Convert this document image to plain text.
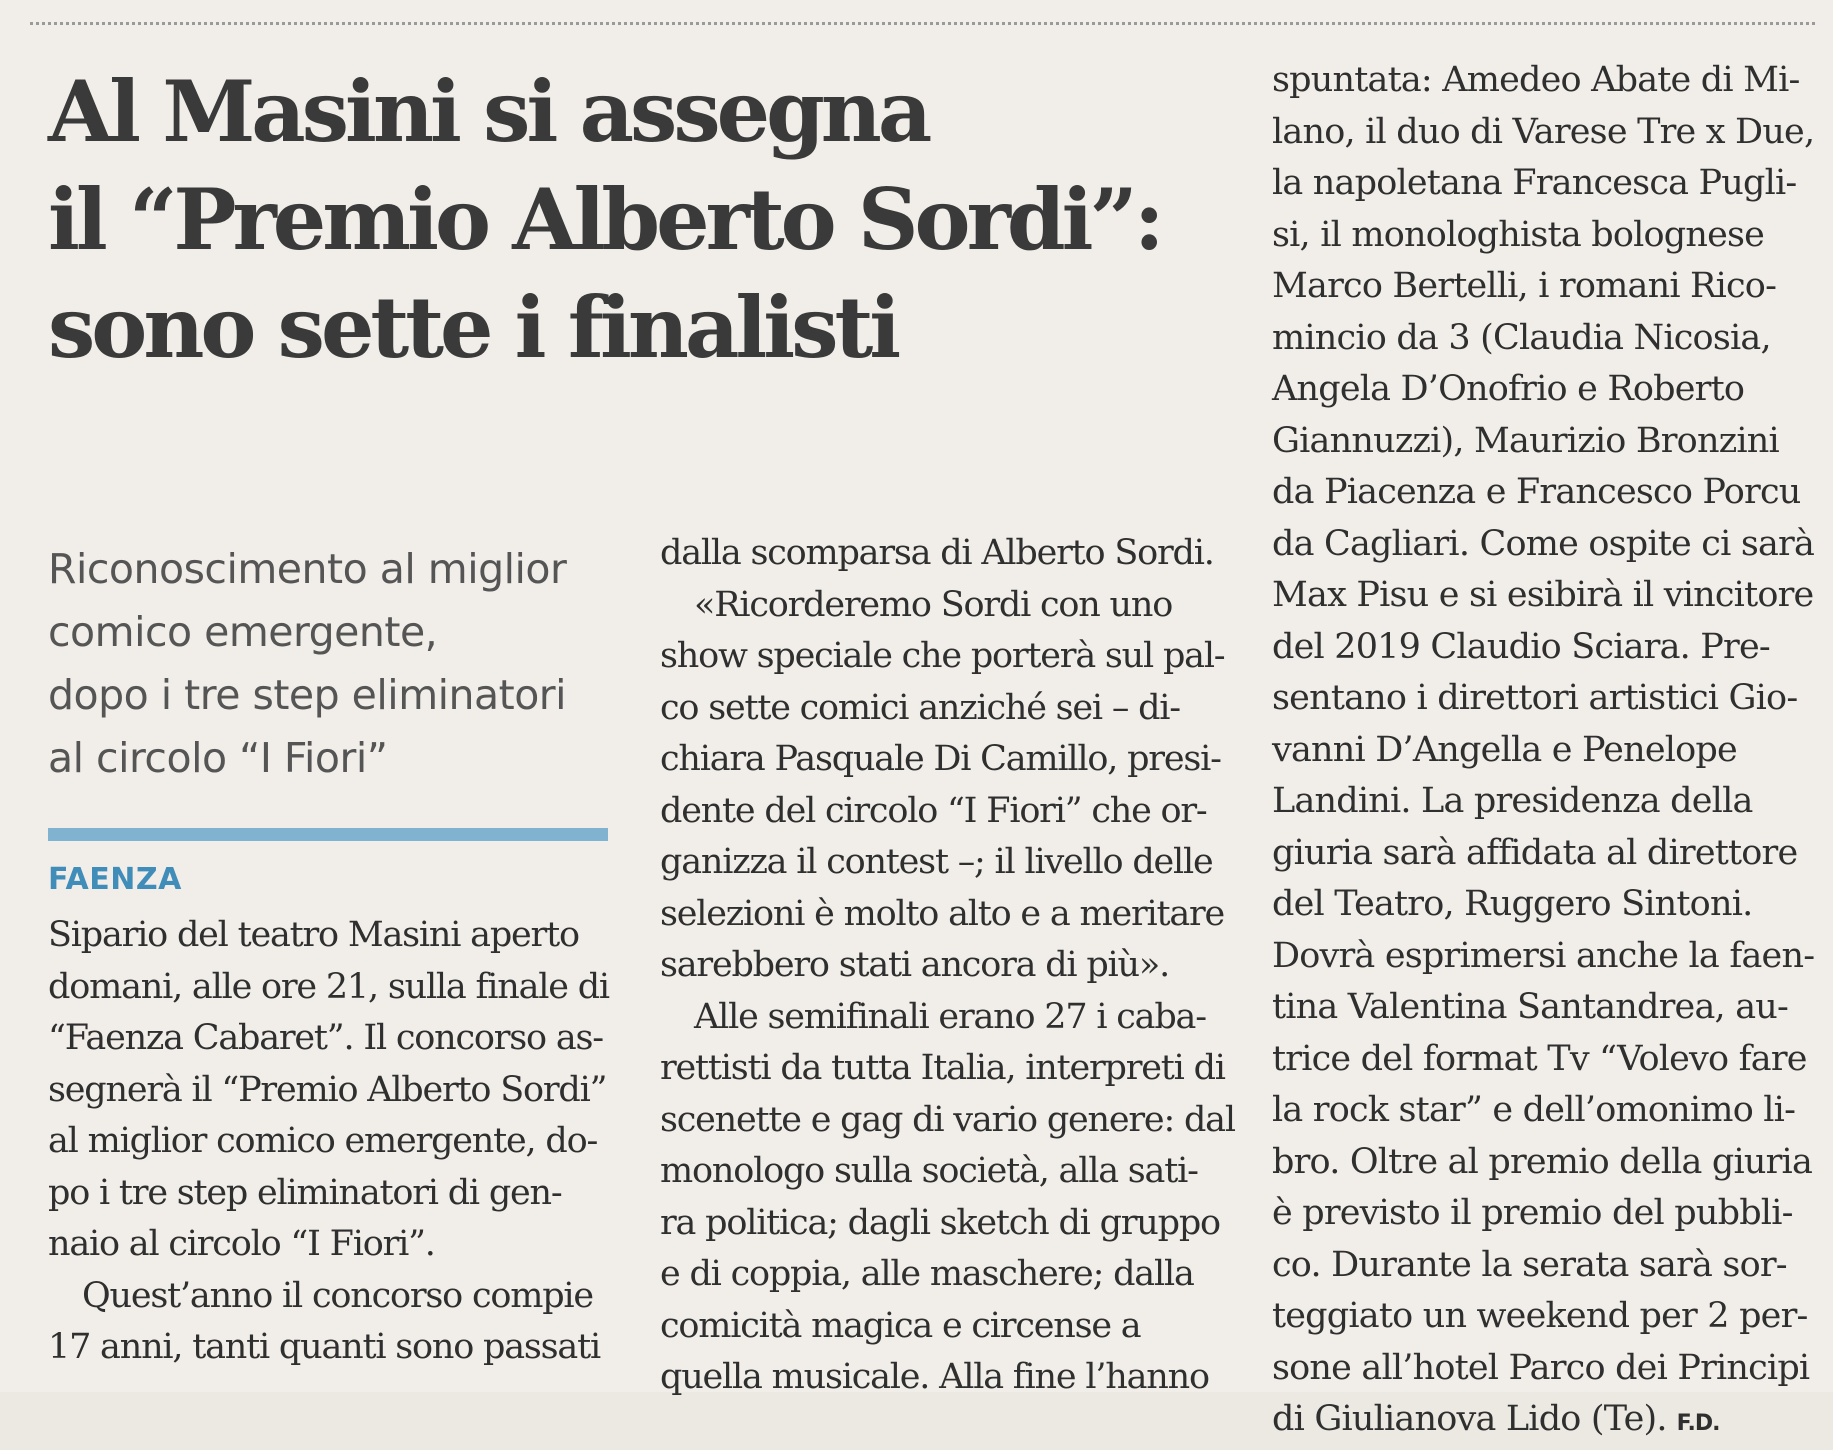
Al Masini si assegna
il “Premio Alberto Sordi”:
sono sette i finalisti
Riconoscimento al miglior
comico emergente,
dopo i tre step eliminatori
al circolo “I Fiori”
FAENZA
Sipario del teatro Masini aperto
domani, alle ore 21, sulla finale di
“Faenza Cabaret”. Il concorso as-
segnerà il “Premio Alberto Sordi”
al miglior comico emergente, do-
po i tre step eliminatori di gen-
naio al circolo “I Fiori”.
Quest’anno il concorso compie
17 anni, tanti quanti sono passati
dalla scomparsa di Alberto Sordi.
«Ricorderemo Sordi con uno
show speciale che porterà sul pal-
co sette comici anziché sei – di-
chiara Pasquale Di Camillo, presi-
dente del circolo “I Fiori” che or-
ganizza il contest –; il livello delle
selezioni è molto alto e a meritare
sarebbero stati ancora di più».
Alle semifinali erano 27 i caba-
rettisti da tutta Italia, interpreti di
scenette e gag di vario genere: dal
monologo sulla società, alla sati-
ra politica; dagli sketch di gruppo
e di coppia, alle maschere; dalla
comicità magica e circense a
quella musicale. Alla fine l’hanno
spuntata: Amedeo Abate di Mi-
lano, il duo di Varese Tre x Due,
la napoletana Francesca Pugli-
si, il monologhista bolognese
Marco Bertelli, i romani Rico-
mincio da 3 (Claudia Nicosia,
Angela D’Onofrio e Roberto
Giannuzzi), Maurizio Bronzini
da Piacenza e Francesco Porcu
da Cagliari. Come ospite ci sarà
Max Pisu e si esibirà il vincitore
del 2019 Claudio Sciara. Pre-
sentano i direttori artistici Gio-
vanni D’Angella e Penelope
Landini. La presidenza della
giuria sarà affidata al direttore
del Teatro, Ruggero Sintoni.
Dovrà esprimersi anche la faen-
tina Valentina Santandrea, au-
trice del format Tv “Volevo fare
la rock star” e dell’omonimo li-
bro. Oltre al premio della giuria
è previsto il premio del pubbli-
co. Durante la serata sarà sor-
teggiato un weekend per 2 per-
sone all’hotel Parco dei Principi
di Giulianova Lido (Te). F.D.
